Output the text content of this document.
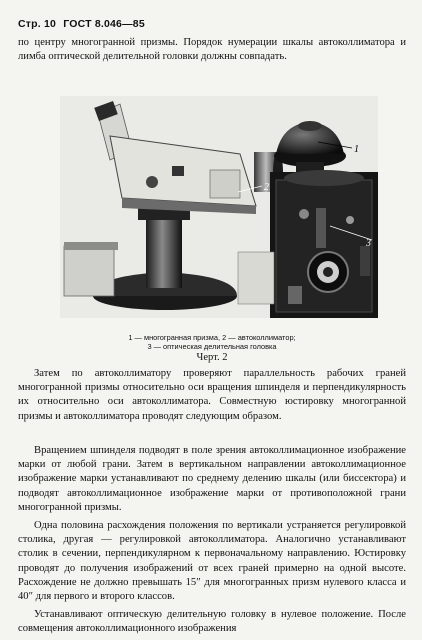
Стр. 10 ГОСТ 8.046—85

по центру многогранной призмы. Порядок нумерации шкалы автоколлиматора и лимба оптической делительной головки должны совпадать.

1
2
3
1 — многогранная призма, 2 — автоколлиматор;
3 — оптическая делительная головка
Черт. 2

Затем по автоколлиматору проверяют параллельность рабочих граней многогранной призмы относительно оси вращения шпинделя и перпендикулярность их относительно оси автоколлиматора. Совместную юстировку многогранной призмы и автоколлиматора проводят следующим образом.

Вращением шпинделя подводят в поле зрения автоколлимационное изображение марки от любой грани. Затем в вертикальном направлении автоколлимационное изображение марки устанавливают по среднему делению шкалы (или биссектора) и подводят автоколлимационное изображение марки от противоположной грани многогранной призмы.

Одна половина расхождения положения по вертикали устраняется регулировкой столика, другая — регулировкой автоколлиматора. Аналогично устанавливают столик в сечении, перпендикулярном к первоначальному направлению. Юстировку проводят до получения изображений от всех граней примерно на одной высоте. Расхождение не должно превышать 15″ для многогранных призм нулевого класса и 40″ для первого и второго классов.

Устанавливают оптическую делительную головку в нулевое положение. После совмещения автоколлимационного изображения
